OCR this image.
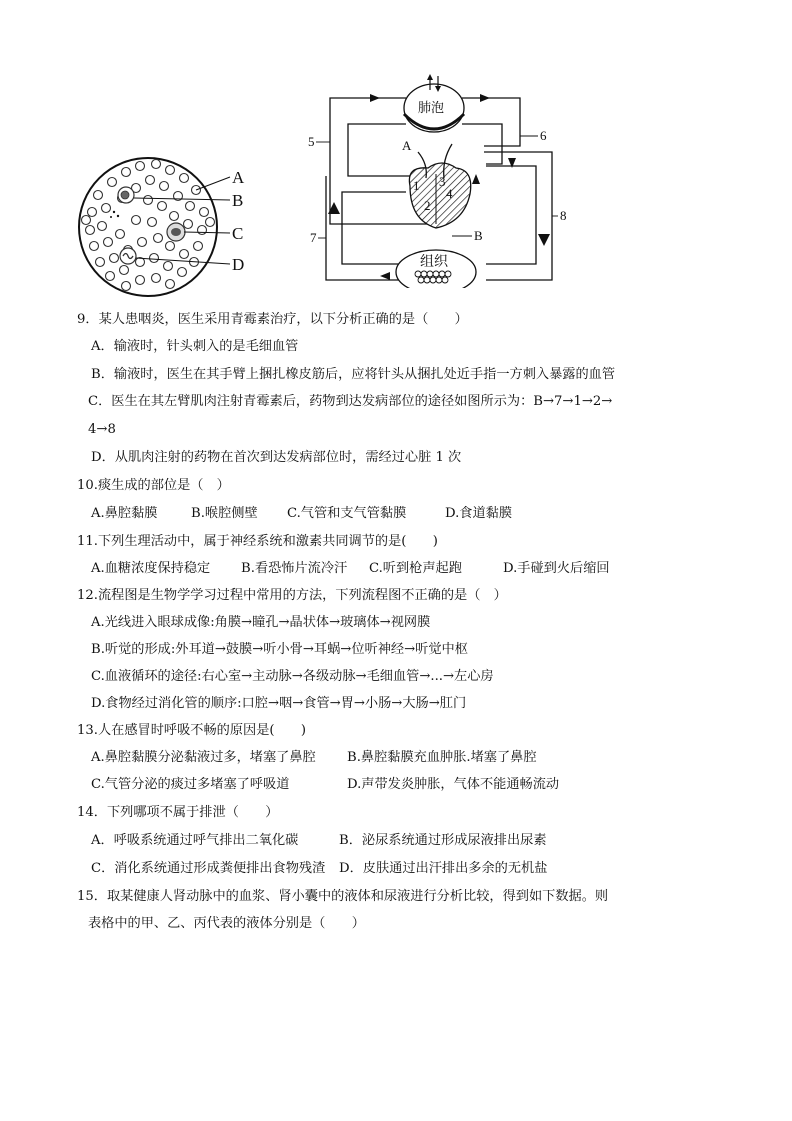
A
B
C
D
肺泡
组织
1
2
3
4
5	6
7
8
A
B
9．某人患咽炎，医生采用青霉素治疗，以下分析正确的是（　　）
A．输液时，针头刺入的是毛细血管
B．输液时，医生在其手臂上捆扎橡皮筋后，应将针头从捆扎处近手指一方刺入暴露的血管
C．医生在其左臂肌肉注射青霉素后，药物到达发病部位的途径如图所示为：B→7→1→2→
4→8
D．从肌肉注射的药物在首次到达发病部位时，需经过心脏 1 次
10.痰生成的部位是（　）
A.鼻腔黏膜	B.喉腔侧壁	C.气管和支气管黏膜	D.食道黏膜
11.下列生理活动中，属于神经系统和激素共同调节的是(　　)
A.血糖浓度保持稳定	B.看恐怖片流冷汗	C.听到枪声起跑	D.手碰到火后缩回
12.流程图是生物学学习过程中常用的方法，下列流程图不正确的是（　）
A.光线进入眼球成像:角膜→瞳孔→晶状体→玻璃体→视网膜
B.听觉的形成:外耳道→鼓膜→听小骨→耳蜗→位听神经→听觉中枢
C.血液循环的途径:右心室→主动脉→各级动脉→毛细血管→...→左心房
D.食物经过消化管的顺序:口腔→咽→食管→胃→小肠→大肠→肛门
13.人在感冒时呼吸不畅的原因是(　　)
A.鼻腔黏膜分泌黏液过多，堵塞了鼻腔	B.鼻腔黏膜充血肿胀.堵塞了鼻腔
C.气管分泌的痰过多堵塞了呼吸道	D.声带发炎肿胀，气体不能通畅流动
14．下列哪项不属于排泄（　　）
A．呼吸系统通过呼气排出二氧化碳	B．泌尿系统通过形成尿液排出尿素
C．消化系统通过形成粪便排出食物残渣	D．皮肤通过出汗排出多余的无机盐
15．取某健康人肾动脉中的血浆、肾小囊中的液体和尿液进行分析比较，得到如下数据。则
表格中的甲、乙、丙代表的液体分别是（　　）
